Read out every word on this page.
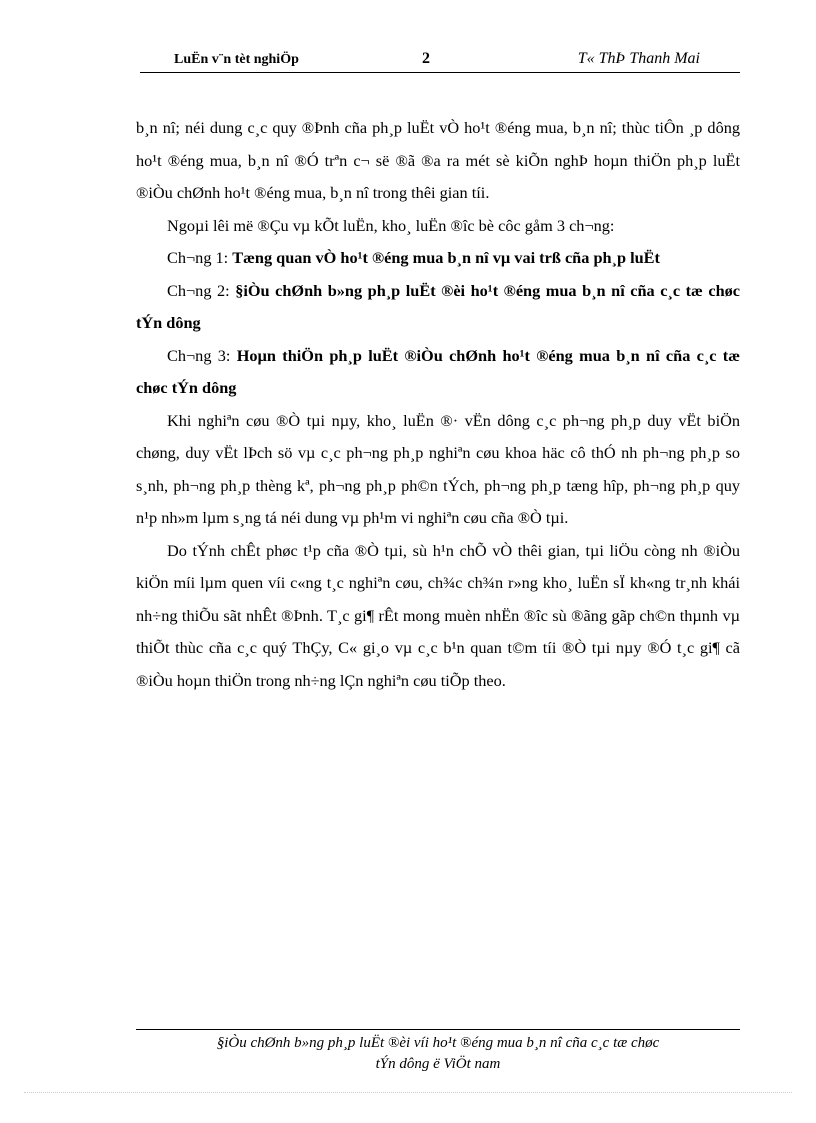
LuËn v¨n tèt nghiÖp	2	T« ThÞ Thanh Mai

b¸n nî; néi dung c¸c quy ®Þnh cña ph¸p luËt vÒ ho¹t ®éng mua, b¸n nî; thùc tiÔn ¸p dông ho¹t ®éng mua, b¸n nî ®Ó trªn c¬ së ®ã ®a ra mét sè kiÕn nghÞ hoµn thiÖn ph¸p luËt ®iÒu chØnh ho¹t ®éng mua, b¸n nî trong thêi gian tíi.

Ngoµi lêi më ®Çu vµ kÕt luËn, kho¸ luËn ®îc bè côc gåm 3 ch¬ng:

Ch¬ng 1: Tæng quan vÒ ho¹t ®éng mua b¸n nî vµ vai trß cña ph¸p luËt

Ch¬ng 2: §iÒu chØnh b»ng ph¸p luËt ®èi ho¹t ®éng mua b¸n nî cña c¸c tæ chøc tÝn dông

Ch¬ng 3: Hoµn thiÖn ph¸p luËt ®iÒu chØnh ho¹t ®éng mua b¸n nî cña c¸c tæ chøc tÝn dông

Khi nghiªn cøu ®Ò tµi nµy, kho¸ luËn ®· vËn dông c¸c ph¬ng ph¸p duy vËt biÖn chøng, duy vËt lÞch sö vµ c¸c ph¬ng ph¸p nghiªn cøu khoa häc cô thÓ nh ph¬ng ph¸p so s¸nh, ph¬ng ph¸p thèng kª, ph¬ng ph¸p ph©n tÝch, ph¬ng ph¸p tæng hîp, ph¬ng ph¸p quy n¹p nh»m lµm s¸ng tá néi dung vµ ph¹m vi nghiªn cøu cña ®Ò tµi.

Do tÝnh chÊt phøc t¹p cña ®Ò tµi, sù h¹n chÕ vÒ thêi gian, tµi liÖu còng nh ®iÒu kiÖn míi lµm quen víi c«ng t¸c nghiªn cøu, ch¾c ch¾n r»ng kho¸ luËn sÏ kh«ng tr¸nh khái nh÷ng thiÕu sãt nhÊt ®Þnh. T¸c gi¶ rÊt mong muèn nhËn ®îc sù ®ãng gãp ch©n thµnh vµ thiÕt thùc cña c¸c quý ThÇy, C« gi¸o vµ c¸c b¹n quan t©m tíi ®Ò tµi nµy ®Ó t¸c gi¶ cã ®iÒu hoµn thiÖn trong nh÷ng lÇn nghiªn cøu tiÕp theo.

§iÒu chØnh b»ng ph¸p luËt ®èi víi ho¹t ®éng mua b¸n nî cña c¸c tæ chøc
tÝn dông ë ViÖt nam
